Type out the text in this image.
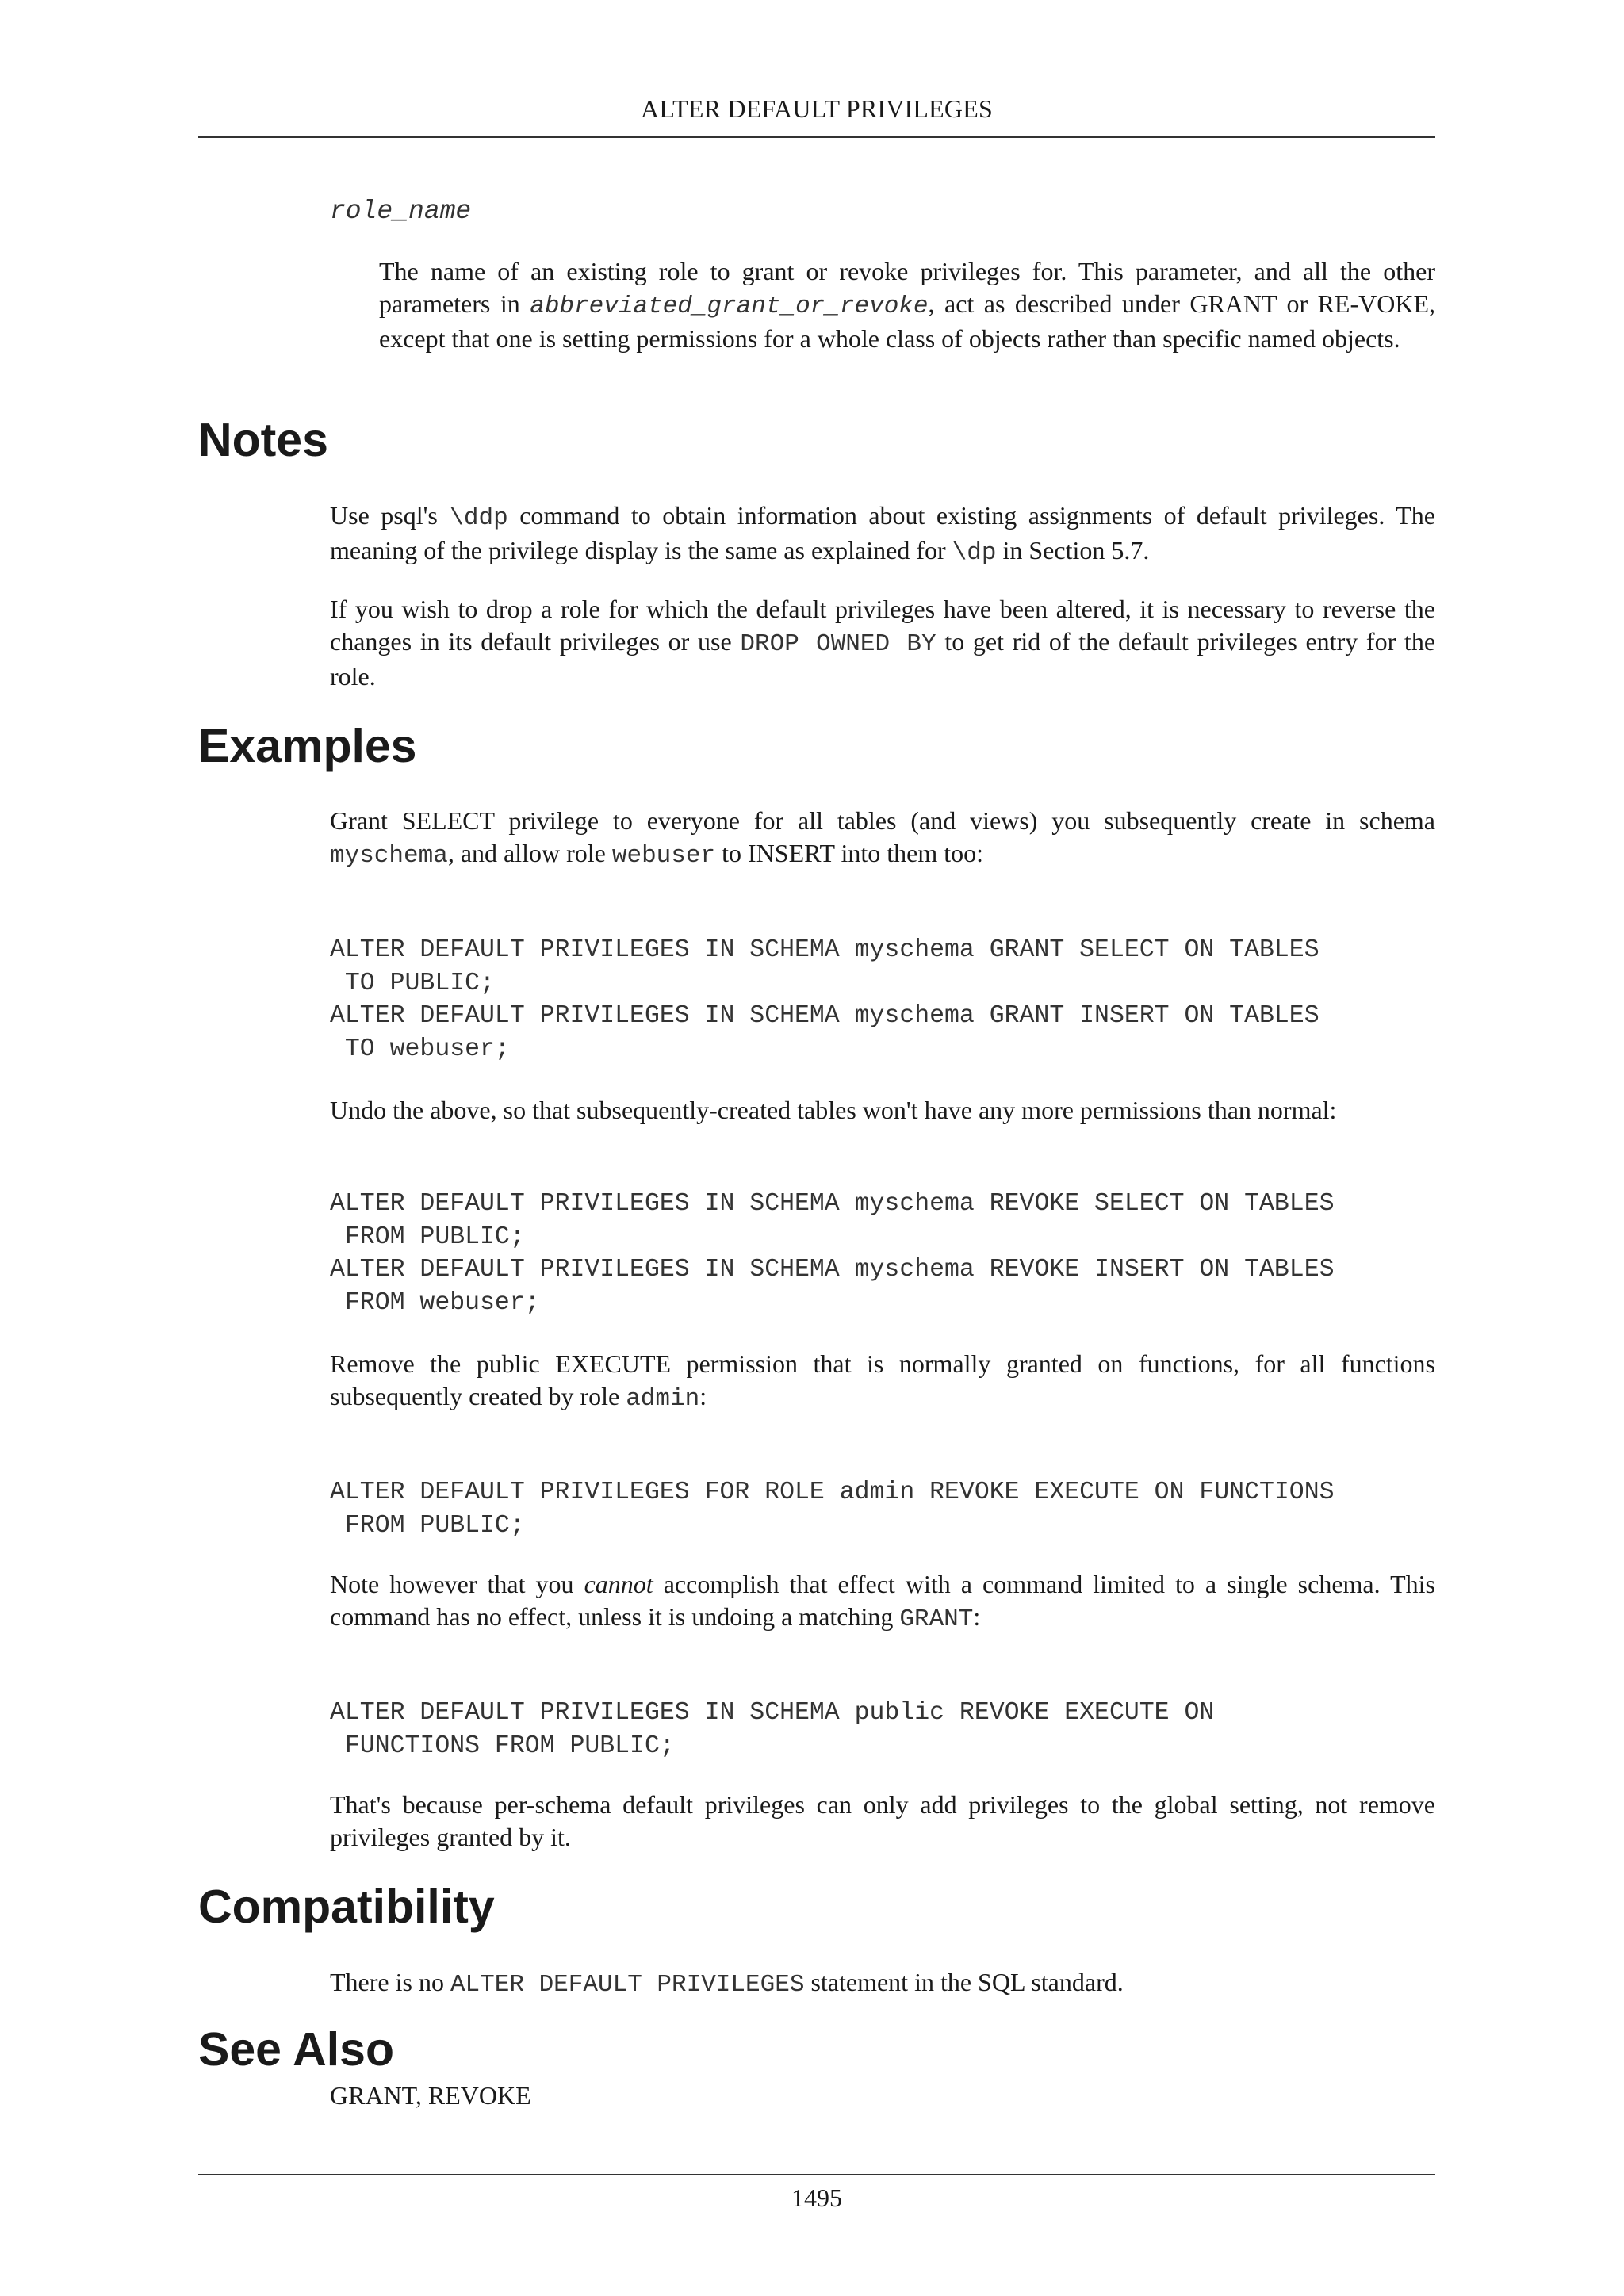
ALTER DEFAULT PRIVILEGES
role_name

The name of an existing role to grant or revoke privileges for. This parameter, and all the other parameters in abbreviated_grant_or_revoke, act as described under GRANT or RE-VOKE, except that one is setting permissions for a whole class of objects rather than specific named objects.

Notes

Use psql's \ddp command to obtain information about existing assignments of default privileges. The meaning of the privilege display is the same as explained for \dp in Section 5.7.

If you wish to drop a role for which the default privileges have been altered, it is necessary to reverse the changes in its default privileges or use DROP OWNED BY to get rid of the default privileges entry for the role.

Examples

Grant SELECT privilege to everyone for all tables (and views) you subsequently create in schema myschema, and allow role webuser to INSERT into them too:

ALTER DEFAULT PRIVILEGES IN SCHEMA myschema GRANT SELECT ON TABLES
TO PUBLIC;
ALTER DEFAULT PRIVILEGES IN SCHEMA myschema GRANT INSERT ON TABLES
TO webuser;

Undo the above, so that subsequently-created tables won't have any more permissions than normal:

ALTER DEFAULT PRIVILEGES IN SCHEMA myschema REVOKE SELECT ON TABLES
FROM PUBLIC;
ALTER DEFAULT PRIVILEGES IN SCHEMA myschema REVOKE INSERT ON TABLES
FROM webuser;

Remove the public EXECUTE permission that is normally granted on functions, for all functions subsequently created by role admin:

ALTER DEFAULT PRIVILEGES FOR ROLE admin REVOKE EXECUTE ON FUNCTIONS
FROM PUBLIC;

Note however that you cannot accomplish that effect with a command limited to a single schema. This command has no effect, unless it is undoing a matching GRANT:

ALTER DEFAULT PRIVILEGES IN SCHEMA public REVOKE EXECUTE ON
FUNCTIONS FROM PUBLIC;

That's because per-schema default privileges can only add privileges to the global setting, not remove privileges granted by it.

Compatibility

There is no ALTER DEFAULT PRIVILEGES statement in the SQL standard.

See Also

GRANT, REVOKE

1495
